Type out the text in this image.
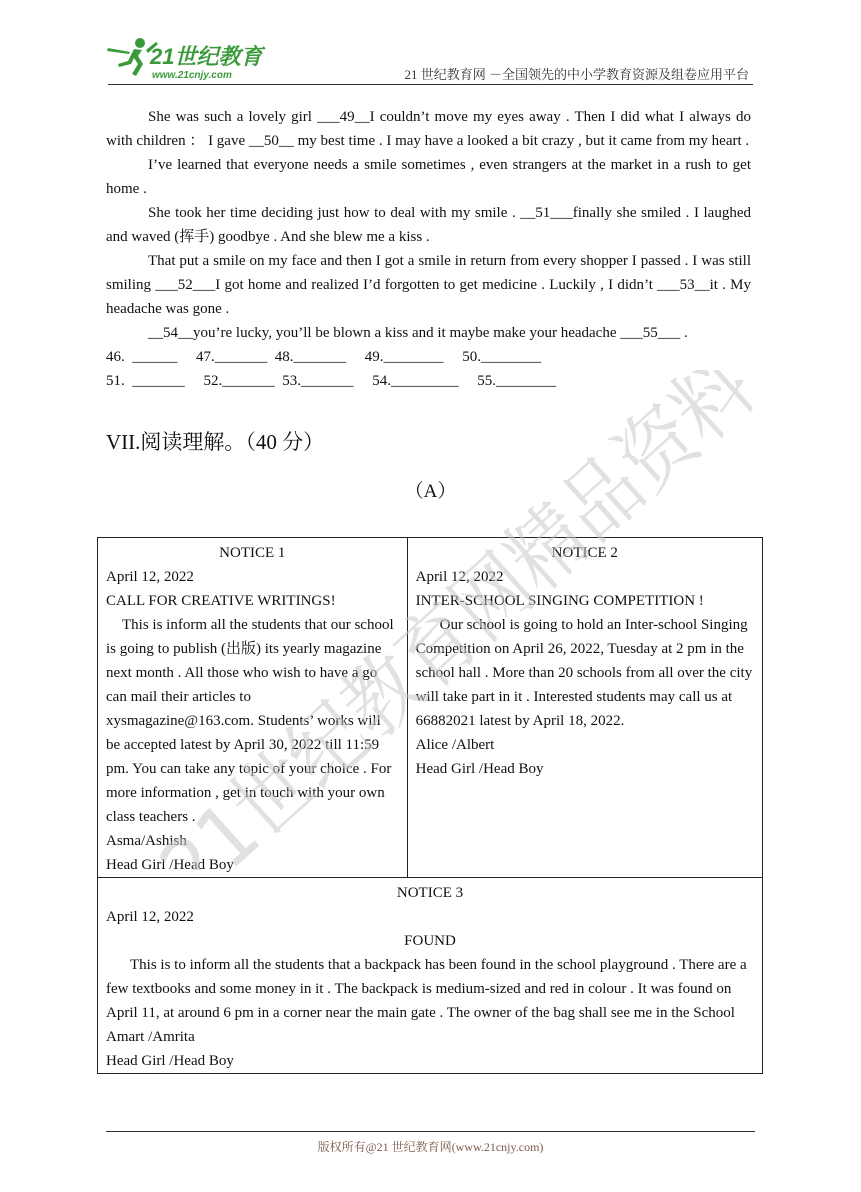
21世纪教育
www.21cnjy.com	21 世纪教育网 －全国领先的中小学教育资源及组卷应用平台

She was such a lovely girl ___49__I couldn’t move my eyes away . Then I did what I always do with children ： I gave __50__ my best time . I may have a looked a bit crazy , but it came from my heart .

I’ve learned that everyone needs a smile sometimes , even strangers at the market in a rush to get home .

She took her time deciding just how to deal with my smile . __51___finally she smiled . I laughed and waved (挥手) goodbye . And she blew me a kiss .

That put a smile on my face and then I got a smile in return from every shopper I passed . I was still smiling ___52___I got home and realized I’d forgotten to get medicine . Luckily , I didn’t ___53__it . My headache was gone .

__54__you’re lucky, you’ll be blown a kiss and it maybe make your headache ___55___ .

46.  ______     47._______  48._______     49.________     50.________

51.  _______     52._______  53._______     54._________     55.________

VII.阅读理解。（40 分）
（A）
NOTICE 1
April 12, 2022
CALL FOR CREATIVE WRITINGS!
This is inform all the students that our school is going to publish (出版) its yearly magazine next month . All those who wish to have a go can mail their articles to xysmagazine@163.com. Students’ works will be accepted latest by April 30, 2022 till 11:59 pm. You can take any topic of your choice . For more information , get in touch with your own class teachers .
Asma/Ashish
Head Girl /Head Boy

NOTICE 2
April 12, 2022
INTER-SCHOOL SINGING COMPETITION !
Our school is going to hold an Inter-school Singing Competition on April 26, 2022, Tuesday at 2 pm in the school hall . More than 20 schools from all over the city will take part in it . Interested students may call us at 66882021 latest by April 18, 2022.
Alice /Albert
Head Girl /Head Boy

NOTICE 3
April 12, 2022
FOUND
This is to inform all the students that a backpack has been found in the school playground . There are a few textbooks and some money in it . The backpack is medium-sized and red in colour . It was found on April 11, at around 6 pm in a corner near the main gate . The owner of the bag shall see me in the School
Amart /Amrita
Head Girl /Head Boy
21世纪教育网精品资料
版权所有@21 世纪教育网(www.21cnjy.com)
